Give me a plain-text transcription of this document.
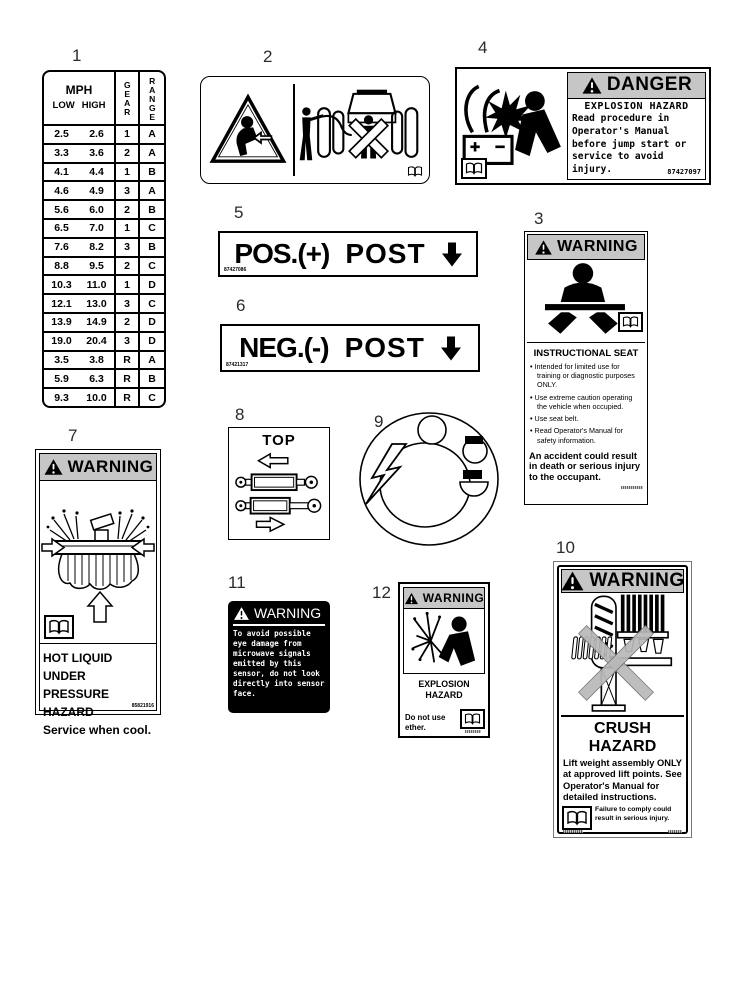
1	2	4
5
6
3
7
8	9
11
12
10
MPH
LOW HIGH GEAR RANGE
2.5	2.6	1	A
3.3	3.6	2	A
4.1	4.4	1	B
4.6	4.9	3	A
5.6	6.0	2	B
6.5	7.0	1	C
7.6	8.2	3	B
8.8	9.5	2	C
10.3	11.0	1	D
12.1	13.0	3	C
13.9	14.9	2	D
19.0	20.4	3	D
3.5	3.8	R	A
5.9	6.3	R	B
9.3	10.0	R	C
DANGER
EXPLOSION HAZARD
Read procedure in Operator's Manual before jump start or service to avoid injury.	87427097
POS.(+) POST
87427086
NEG.(-) POST
87421317
WARNING
INSTRUCTIONAL SEAT
• Intended for limited use for training or diagnostic purposes ONLY.
• Use extreme caution operating the vehicle when occupied.
• Use seat belt.
• Read Operator's Manual for safety information.
An accident could result in death or serious injury to the occupant.
WARNING
HOT LIQUID UNDER
PRESSURE HAZARD
Service when cool.
85821916
TOP
WARNING
To avoid possible eye damage from microwave signals emitted by this sensor, do not look directly into sensor face.
WARNING
EXPLOSION HAZARD
Do not use ether.
WARNING
CRUSH HAZARD
Lift weight assembly ONLY at approved lift points. See Operator's Manual for detailed instructions.
Failure to comply could result in serious injury.
